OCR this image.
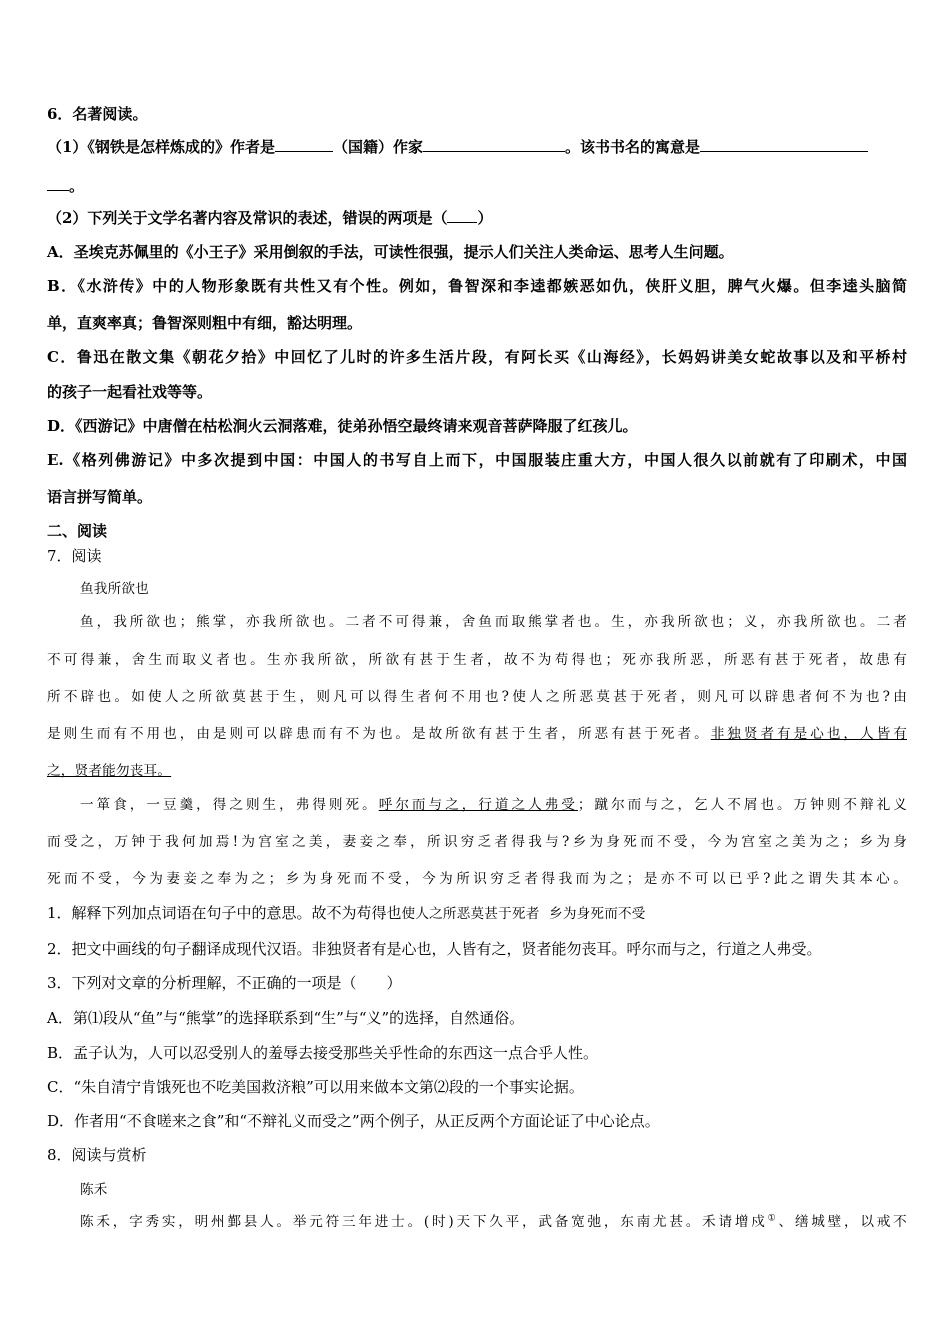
6．名著阅读。
（1）《钢铁是怎样炼成的》作者是	（国籍）作家	。该书书名的寓意是
。
（2）下列关于文学名著内容及常识的表述，错误的两项是（ ）
A．圣埃克苏佩里的《小王子》采用倒叙的手法，可读性很强，提示人们关注人类命运、思考人生问题。
B．《水浒传》中的人物形象既有共性又有个性。例如，鲁智深和李逵都嫉恶如仇，侠肝义胆，脾气火爆。但李逵头脑简
单，直爽率真；鲁智深则粗中有细，豁达明理。
C．鲁迅在散文集《朝花夕拾》中回忆了儿时的许多生活片段，有阿长买《山海经》，长妈妈讲美女蛇故事以及和平桥村
的孩子一起看社戏等等。
D．《西游记》中唐僧在枯松涧火云洞落难，徒弟孙悟空最终请来观音菩萨降服了红孩儿。
E.《格列佛游记》中多次提到中国：中国人的书写自上而下，中国服装庄重大方，中国人很久以前就有了印刷术，中国
语言拼写简单。
二、阅读
7．阅读
鱼我所欲也
鱼，我所欲也；熊掌，亦我所欲也。二者不可得兼，舍鱼而取熊掌者也。生，亦我所欲也；义，亦我所欲也。二者
不可得兼，舍生而取义者也。生亦我所欲，所欲有甚于生者，故不为苟得也；死亦我所恶，所恶有甚于死者，故患有
所不辟也。如使人之所欲莫甚于生，则凡可以得生者何不用也?使人之所恶莫甚于死者，则凡可以辟患者何不为也?由
是则生而有不用也，由是则可以辟患而有不为也。是故所欲有甚于生者，所恶有甚于死者。非独贤者有是心也，人皆有
之，贤者能勿丧耳。
一箪食，一豆羹，得之则生，弗得则死。呼尔而与之，行道之人弗受；蹴尔而与之，乞人不屑也。万钟则不辩礼义
而受之，万钟于我何加焉!为宫室之美，妻妾之奉，所识穷乏者得我与?乡为身死而不受，今为宫室之美为之；乡为身
死而不受，今为妻妾之奉为之；乡为身死而不受，今为所识穷乏者得我而为之；是亦不可以已乎?此之谓失其本心。
1．解释下列加点词语在句子中的意思。故不为苟得也使人之所恶莫甚于死者 乡为身死而不受
2．把文中画线的句子翻译成现代汉语。非独贤者有是心也，人皆有之，贤者能勿丧耳。呼尔而与之，行道之人弗受。
3．下列对文章的分析理解，不正确的一项是（　　）
A．第⑴段从“鱼”与“熊掌”的选择联系到“生”与“义”的选择，自然通俗。
B．孟子认为，人可以忍受别人的羞辱去接受那些关乎性命的东西这一点合乎人性。
C．“朱自清宁肯饿死也不吃美国救济粮”可以用来做本文第⑵段的一个事实论据。
D．作者用“不食嗟来之食”和“不辩礼义而受之”两个例子，从正反两个方面论证了中心论点。
8．阅读与赏析
陈禾
陈禾，字秀实，明州鄞县人。举元符三年进士。(时)天下久平，武备宽弛，东南尤甚。禾请增戍①、缮城壁，以戒不
